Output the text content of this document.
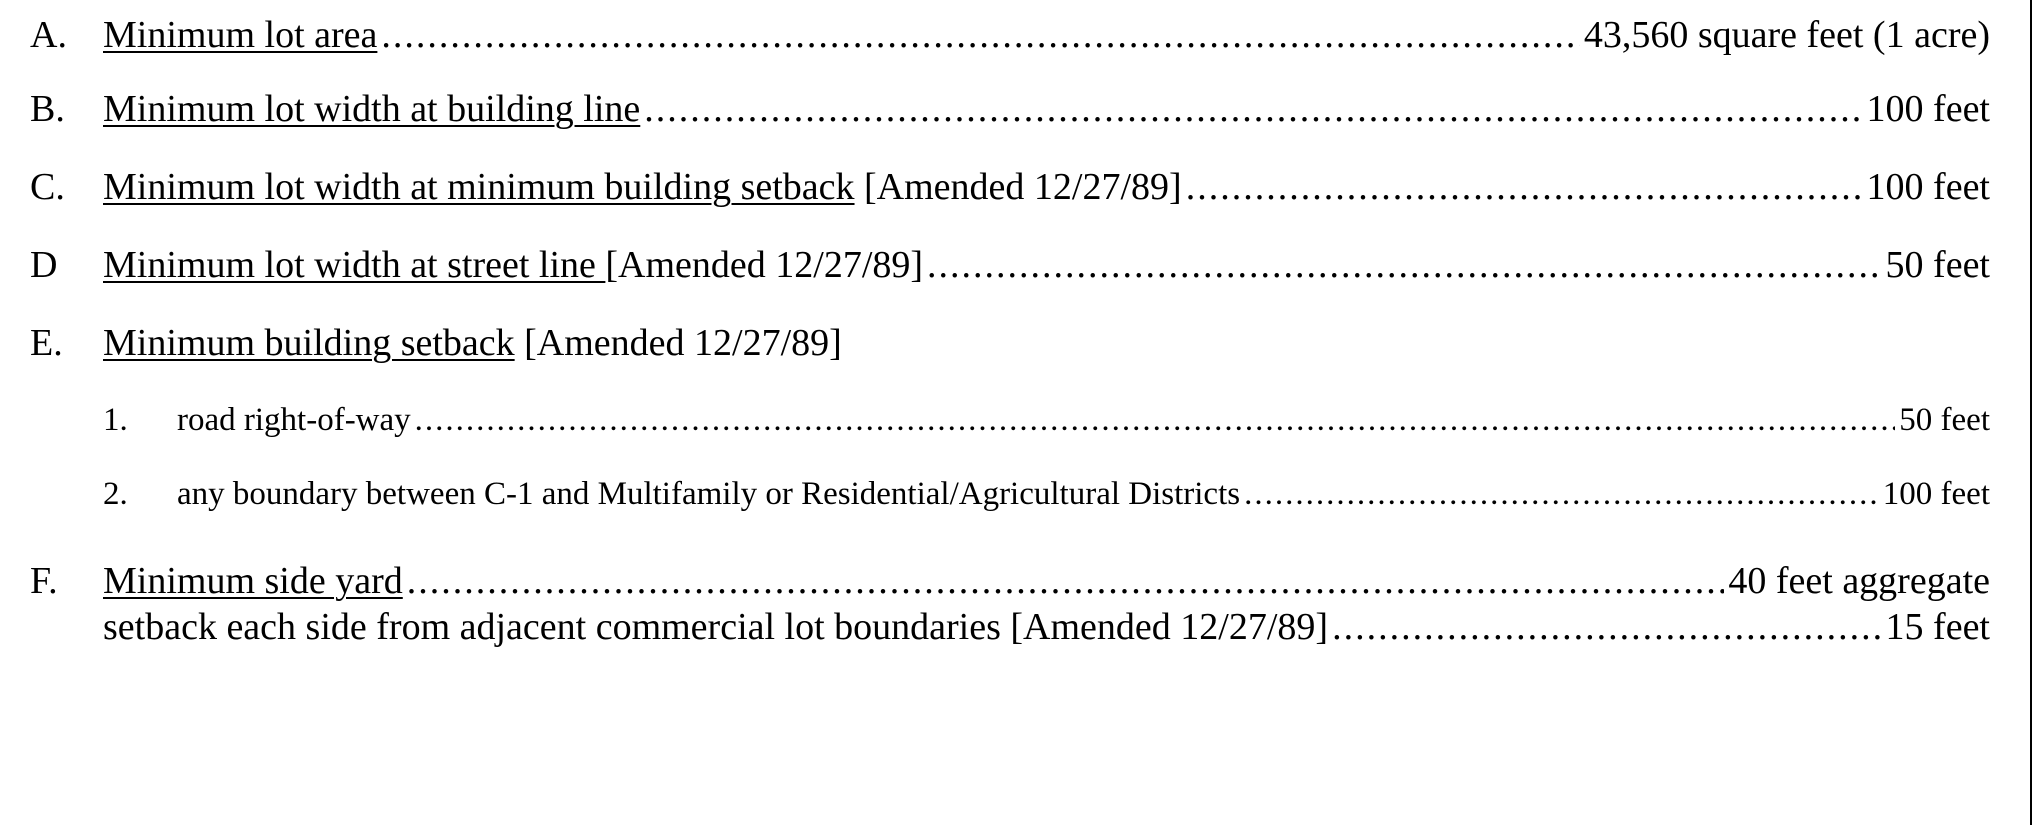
A. Minimum lot area .....	43,560 square feet (1 acre)
B.	Minimum lot width at building line .....	100 feet
C.	Minimum lot width at minimum building setback [Amended 12/27/89] .....	100 feet
D	Minimum lot width at street line [Amended 12/27/89] .....	50 feet
E.	Minimum building setback [Amended 12/27/89]
1.	road right-of-way .....	50 feet
2.	any boundary between C-1 and Multifamily or Residential/Agricultural Districts .....	100 feet
F.	Minimum side yard .....	40 feet aggregate
setback each side from adjacent commercial lot boundaries [Amended 12/27/89] .....	15 feet
